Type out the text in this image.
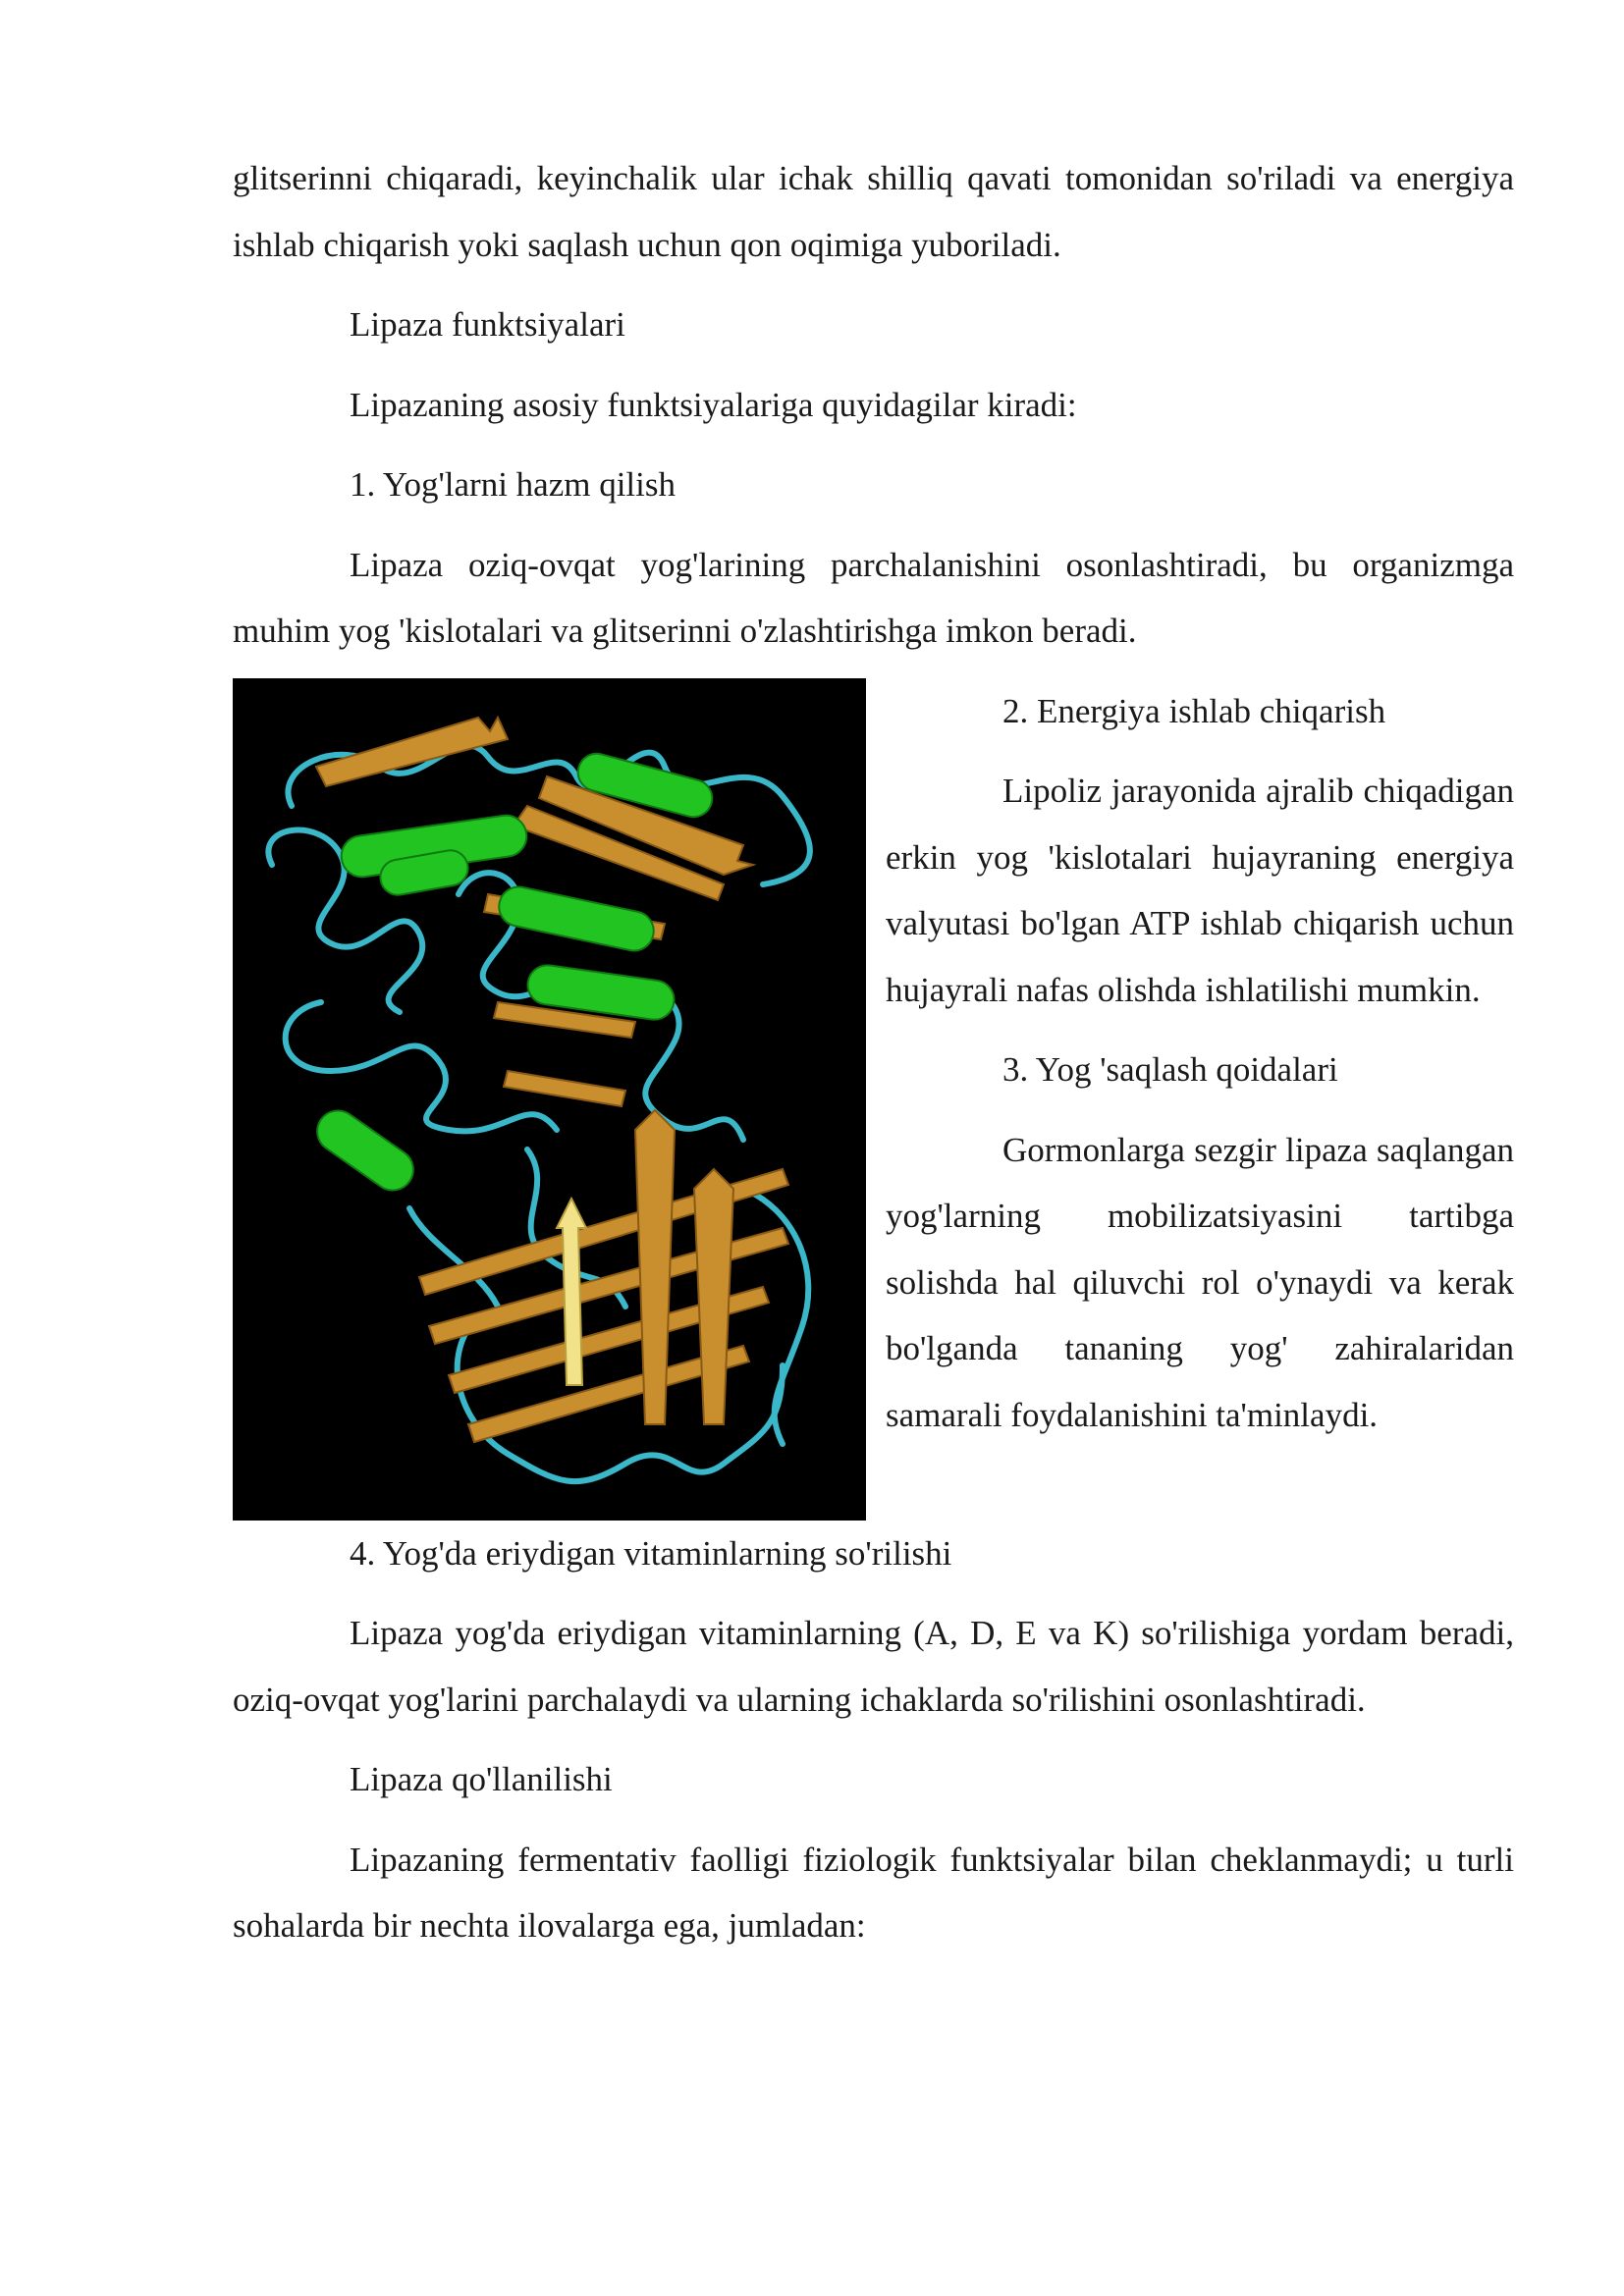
glitserinni chiqaradi, keyinchalik ular ichak shilliq qavati tomonidan so'riladi va energiya ishlab chiqarish yoki saqlash uchun qon oqimiga yuboriladi.

Lipaza funktsiyalari

Lipazaning asosiy funktsiyalariga quyidagilar kiradi:

1. Yog'larni hazm qilish

Lipaza oziq-ovqat yog'larining parchalanishini osonlashtiradi, bu organizmga muhim yog 'kislotalari va glitserinni o'zlashtirishga imkon beradi.

2. Energiya ishlab chiqarish

Lipoliz jarayonida ajralib chiqadigan erkin yog 'kislotalari hujayraning energiya valyutasi bo'lgan ATP ishlab chiqarish uchun hujayrali nafas olishda ishlatilishi mumkin.

3. Yog 'saqlash qoidalari

Gormonlarga sezgir lipaza saqlangan yog'larning mobilizatsiyasini tartibga solishda hal qiluvchi rol o'ynaydi va kerak bo'lganda tananing yog' zahiralaridan samarali foydalanishini ta'minlaydi.

4. Yog'da eriydigan vitaminlarning so'rilishi

Lipaza yog'da eriydigan vitaminlarning (A, D, E va K) so'rilishiga yordam beradi, oziq-ovqat yog'larini parchalaydi va ularning ichaklarda so'rilishini osonlashtiradi.

Lipaza qo'llanilishi

Lipazaning fermentativ faolligi fiziologik funktsiyalar bilan cheklanmaydi; u turli sohalarda bir nechta ilovalarga ega, jumladan:
